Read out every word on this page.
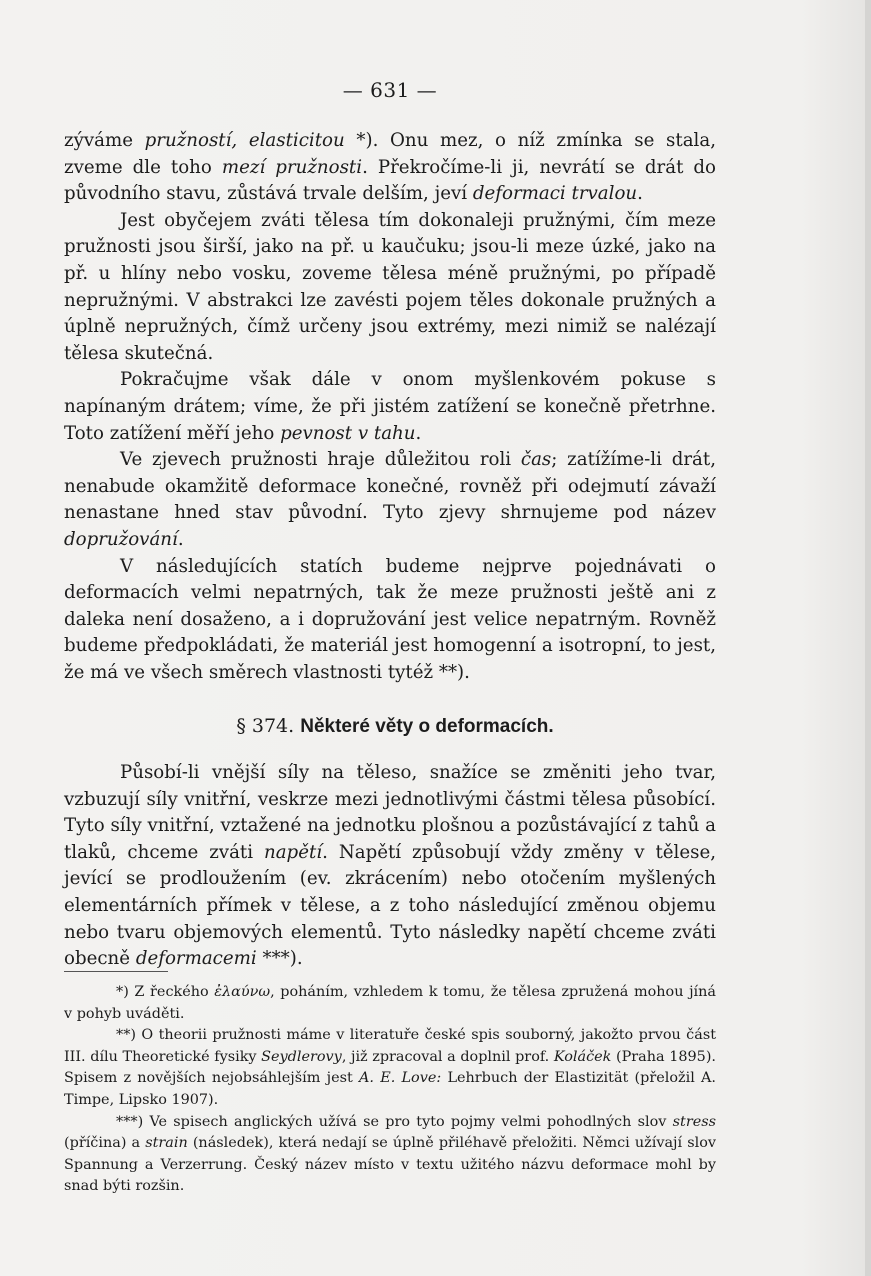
— 631 —

zýváme pružností, elasticitou *). Onu mez, o níž zmínka se stala, zveme dle toho mezí pružnosti. Překročíme-li ji, nevrátí se drát do původního stavu, zůstává trvale delším, jeví deformaci trvalou.

Jest obyčejem zváti tělesa tím dokonaleji pružnými, čím meze pružnosti jsou širší, jako na př. u kaučuku; jsou-li meze úzké, jako na př. u hlíny nebo vosku, zoveme tělesa méně pružnými, po případě nepružnými. V abstrakci lze zavésti pojem těles dokonale pružných a úplně nepružných, čímž určeny jsou extrémy, mezi nimiž se nalézají tělesa skutečná.

Pokračujme však dále v onom myšlenkovém pokuse s napínaným drátem; víme, že při jistém zatížení se konečně přetrhne. Toto zatížení měří jeho pevnost v tahu.

Ve zjevech pružnosti hraje důležitou roli čas; zatížíme-li drát, nenabude okamžitě deformace konečné, rovněž při odejmutí závaží nenastane hned stav původní. Tyto zjevy shrnujeme pod název dopružování.

V následujících statích budeme nejprve pojednávati o deformacích velmi nepatrných, tak že meze pružnosti ještě ani z daleka není dosaženo, a i dopružování jest velice nepatrným. Rovněž budeme předpokládati, že materiál jest homogenní a isotropní, to jest, že má ve všech směrech vlastnosti tytéž **).

§ 374. Některé věty o deformacích.

Působí-li vnější síly na těleso, snažíce se změniti jeho tvar, vzbuzují síly vnitřní, veskrze mezi jednotlivými částmi tělesa působící. Tyto síly vnitřní, vztažené na jednotku plošnou a pozůstávající z tahů a tlaků, chceme zváti napětí. Napětí způsobují vždy změny v tělese, jevící se prodloužením (ev. zkrácením) nebo otočením myšlených elementárních přímek v tělese, a z toho následující změnou objemu nebo tvaru objemových elementů. Tyto následky napětí chceme zváti obecně deformacemi ***).

*) Z řeckého ἐλαύνω, poháním, vzhledem k tomu, že tělesa zpružená mohou jíná v pohyb uváděti.

**) O theorii pružnosti máme v literatuře české spis souborný, jakožto prvou část III. dílu Theoretické fysiky Seydlerovy, již zpracoval a doplnil prof. Koláček (Praha 1895). Spisem z novějších nejobsáhlejším jest A. E. Love: Lehrbuch der Elastizität (přeložil A. Timpe, Lipsko 1907).

***) Ve spisech anglických užívá se pro tyto pojmy velmi pohodlných slov stress (příčina) a strain (následek), která nedají se úplně přiléhavě přeložiti. Němci užívají slov Spannung a Verzerrung. Český název místo v textu užitého názvu deformace mohl by snad býti rozšin.
